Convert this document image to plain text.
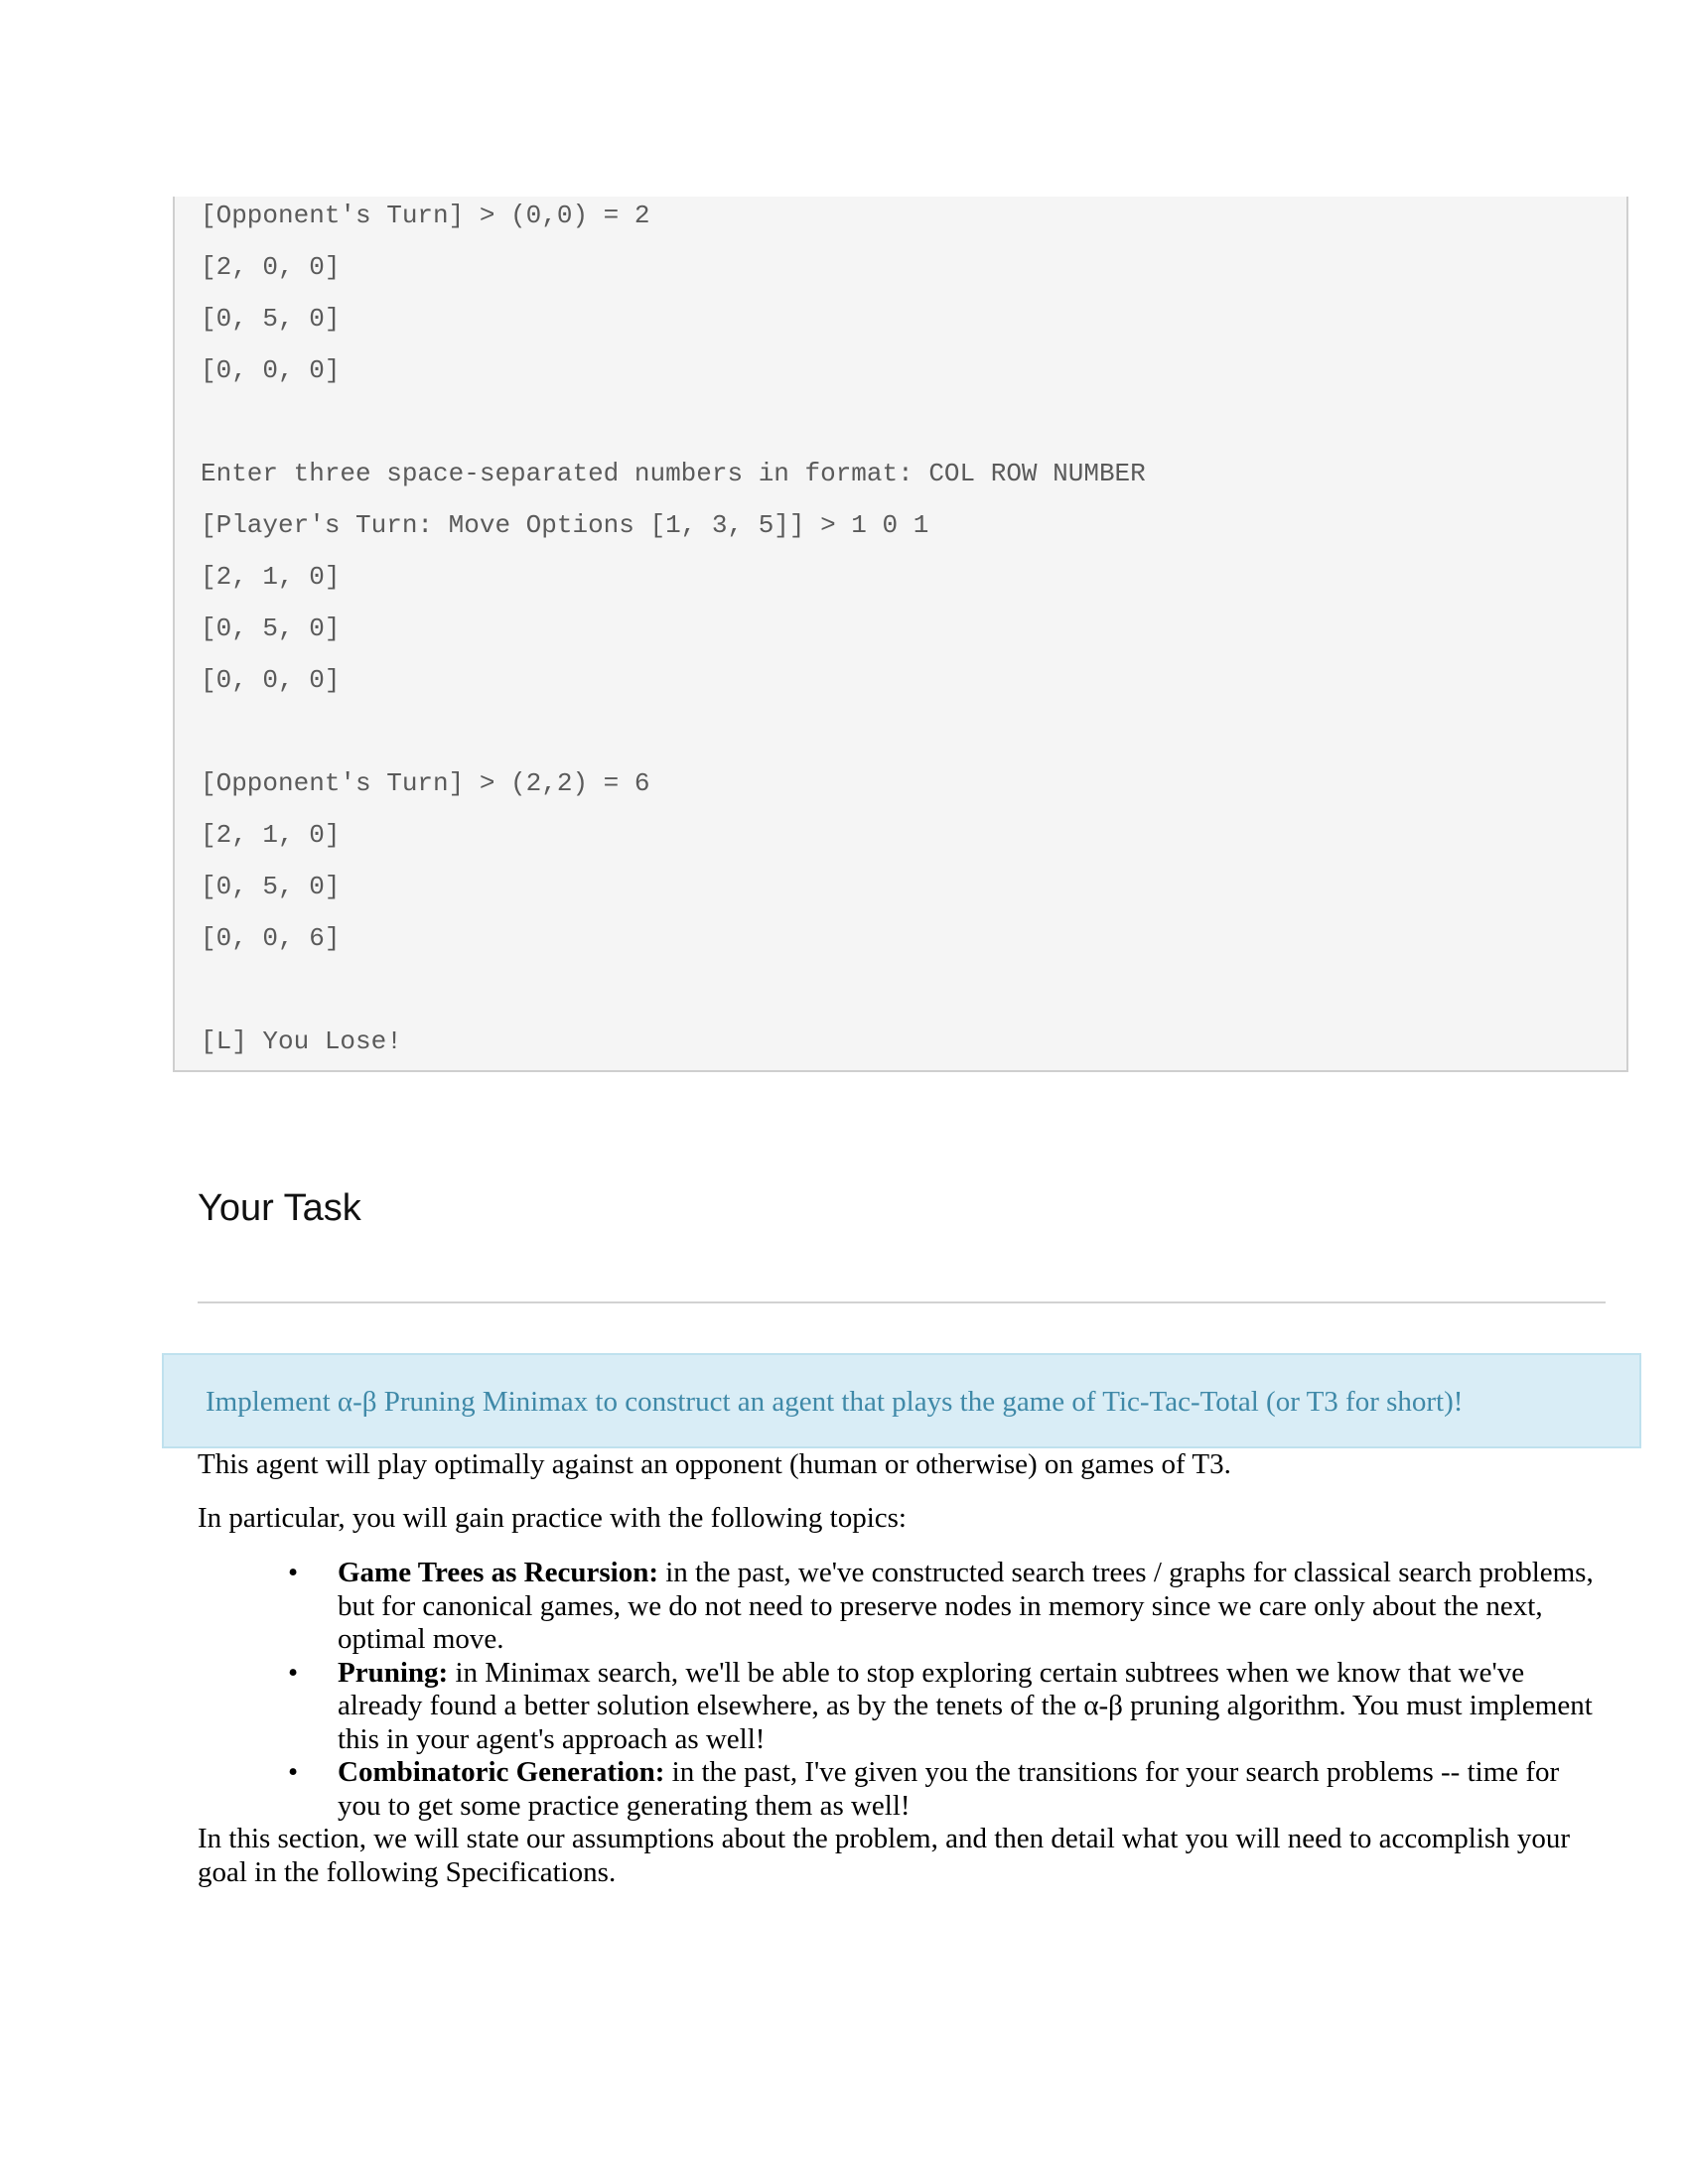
[Opponent's Turn] > (0,0) = 2
[2, 0, 0]
[0, 5, 0]
[0, 0, 0]
Enter three space-separated numbers in format: COL ROW NUMBER
[Player's Turn: Move Options [1, 3, 5]] > 1 0 1
[2, 1, 0]
[0, 5, 0]
[0, 0, 0]
[Opponent's Turn] > (2,2) = 6
[2, 1, 0]
[0, 5, 0]
[0, 0, 6]
[L] You Lose!
Your Task
Implement α-β Pruning Minimax to construct an agent that plays the game of Tic-Tac-Total (or T3 for short)!

This agent will play optimally against an opponent (human or otherwise) on games of T3.

In particular, you will gain practice with the following topics:

• Game Trees as Recursion: in the past, we've constructed search trees / graphs for classical search problems, but for canonical games, we do not need to preserve nodes in memory since we care only about the next, optimal move.
• Pruning: in Minimax search, we'll be able to stop exploring certain subtrees when we know that we've already found a better solution elsewhere, as by the tenets of the α-β pruning algorithm. You must implement this in your agent's approach as well!
• Combinatoric Generation: in the past, I've given you the transitions for your search problems -- time for you to get some practice generating them as well!

In this section, we will state our assumptions about the problem, and then detail what you will need to accomplish your goal in the following Specifications.
